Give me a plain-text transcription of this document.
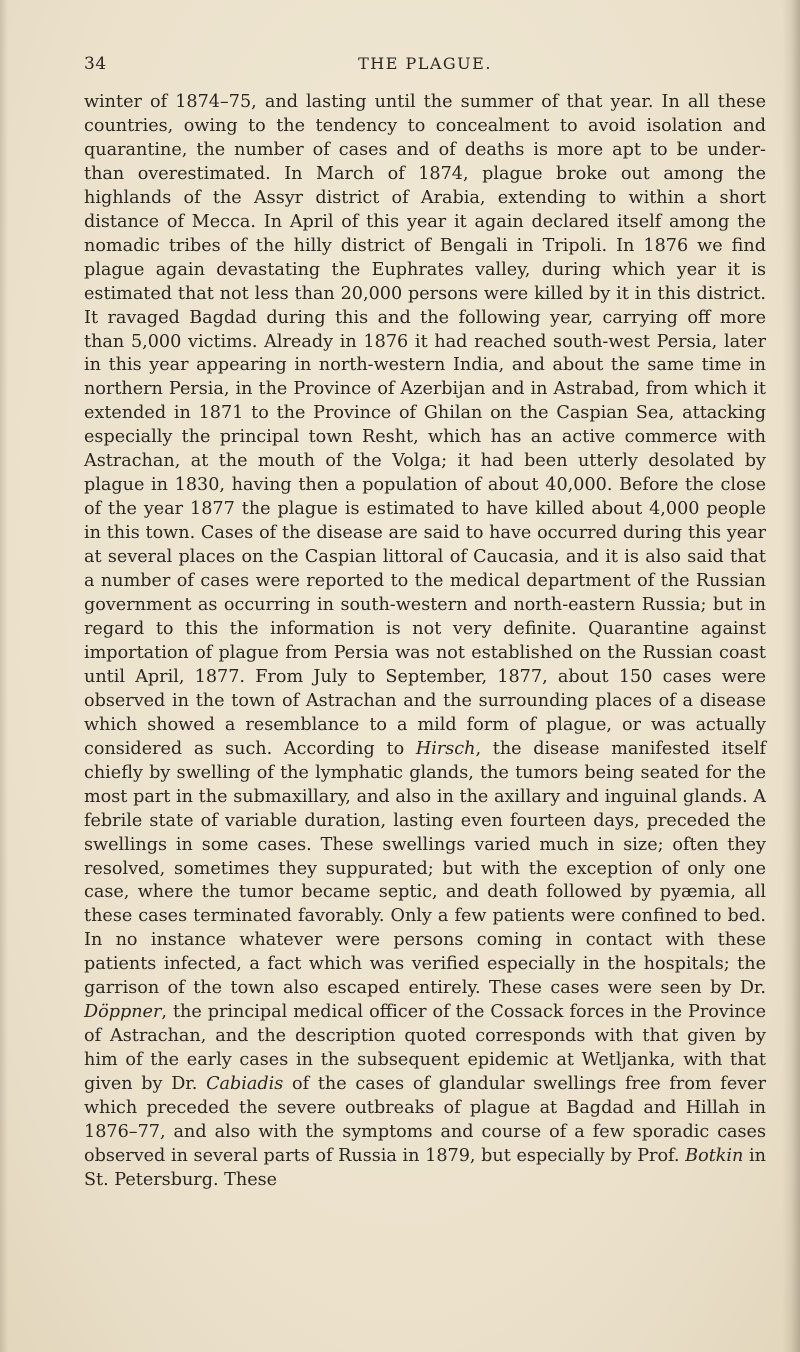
34	THE PLAGUE.

winter of 1874–75, and lasting until the summer of that year. In all these countries, owing to the tendency to concealment to avoid isolation and quarantine, the number of cases and of deaths is more apt to be under- than overestimated. In March of 1874, plague broke out among the highlands of the Assyr district of Arabia, extending to within a short distance of Mecca. In April of this year it again declared itself among the nomadic tribes of the hilly district of Bengali in Tripoli. In 1876 we find plague again devastating the Euphrates valley, during which year it is estimated that not less than 20,000 persons were killed by it in this district. It ravaged Bagdad during this and the following year, carrying off more than 5,000 victims. Already in 1876 it had reached south-west Persia, later in this year appearing in north-western India, and about the same time in northern Persia, in the Province of Azerbijan and in Astrabad, from which it extended in 1871 to the Province of Ghilan on the Caspian Sea, attacking especially the principal town Resht, which has an active commerce with Astrachan, at the mouth of the Volga; it had been utterly desolated by plague in 1830, having then a population of about 40,000. Before the close of the year 1877 the plague is estimated to have killed about 4,000 people in this town. Cases of the disease are said to have occurred during this year at several places on the Caspian littoral of Caucasia, and it is also said that a number of cases were reported to the medical department of the Russian government as occurring in south-western and north-eastern Russia; but in regard to this the information is not very definite. Quarantine against importation of plague from Persia was not established on the Russian coast until April, 1877. From July to September, 1877, about 150 cases were observed in the town of Astrachan and the surrounding places of a disease which showed a resemblance to a mild form of plague, or was actually considered as such. According to Hirsch, the disease manifested itself chiefly by swelling of the lymphatic glands, the tumors being seated for the most part in the submaxillary, and also in the axillary and inguinal glands. A febrile state of variable duration, lasting even fourteen days, preceded the swellings in some cases. These swellings varied much in size; often they resolved, sometimes they suppurated; but with the exception of only one case, where the tumor became septic, and death followed by pyæmia, all these cases terminated favorably. Only a few patients were confined to bed. In no instance whatever were persons coming in contact with these patients infected, a fact which was verified especially in the hospitals; the garrison of the town also escaped entirely. These cases were seen by Dr. Döppner, the principal medical officer of the Cossack forces in the Province of Astrachan, and the description quoted corresponds with that given by him of the early cases in the subsequent epidemic at Wetljanka, with that given by Dr. Cabiadis of the cases of glandular swellings free from fever which preceded the severe outbreaks of plague at Bagdad and Hillah in 1876–77, and also with the symptoms and course of a few sporadic cases observed in several parts of Russia in 1879, but especially by Prof. Botkin in St. Petersburg. These
